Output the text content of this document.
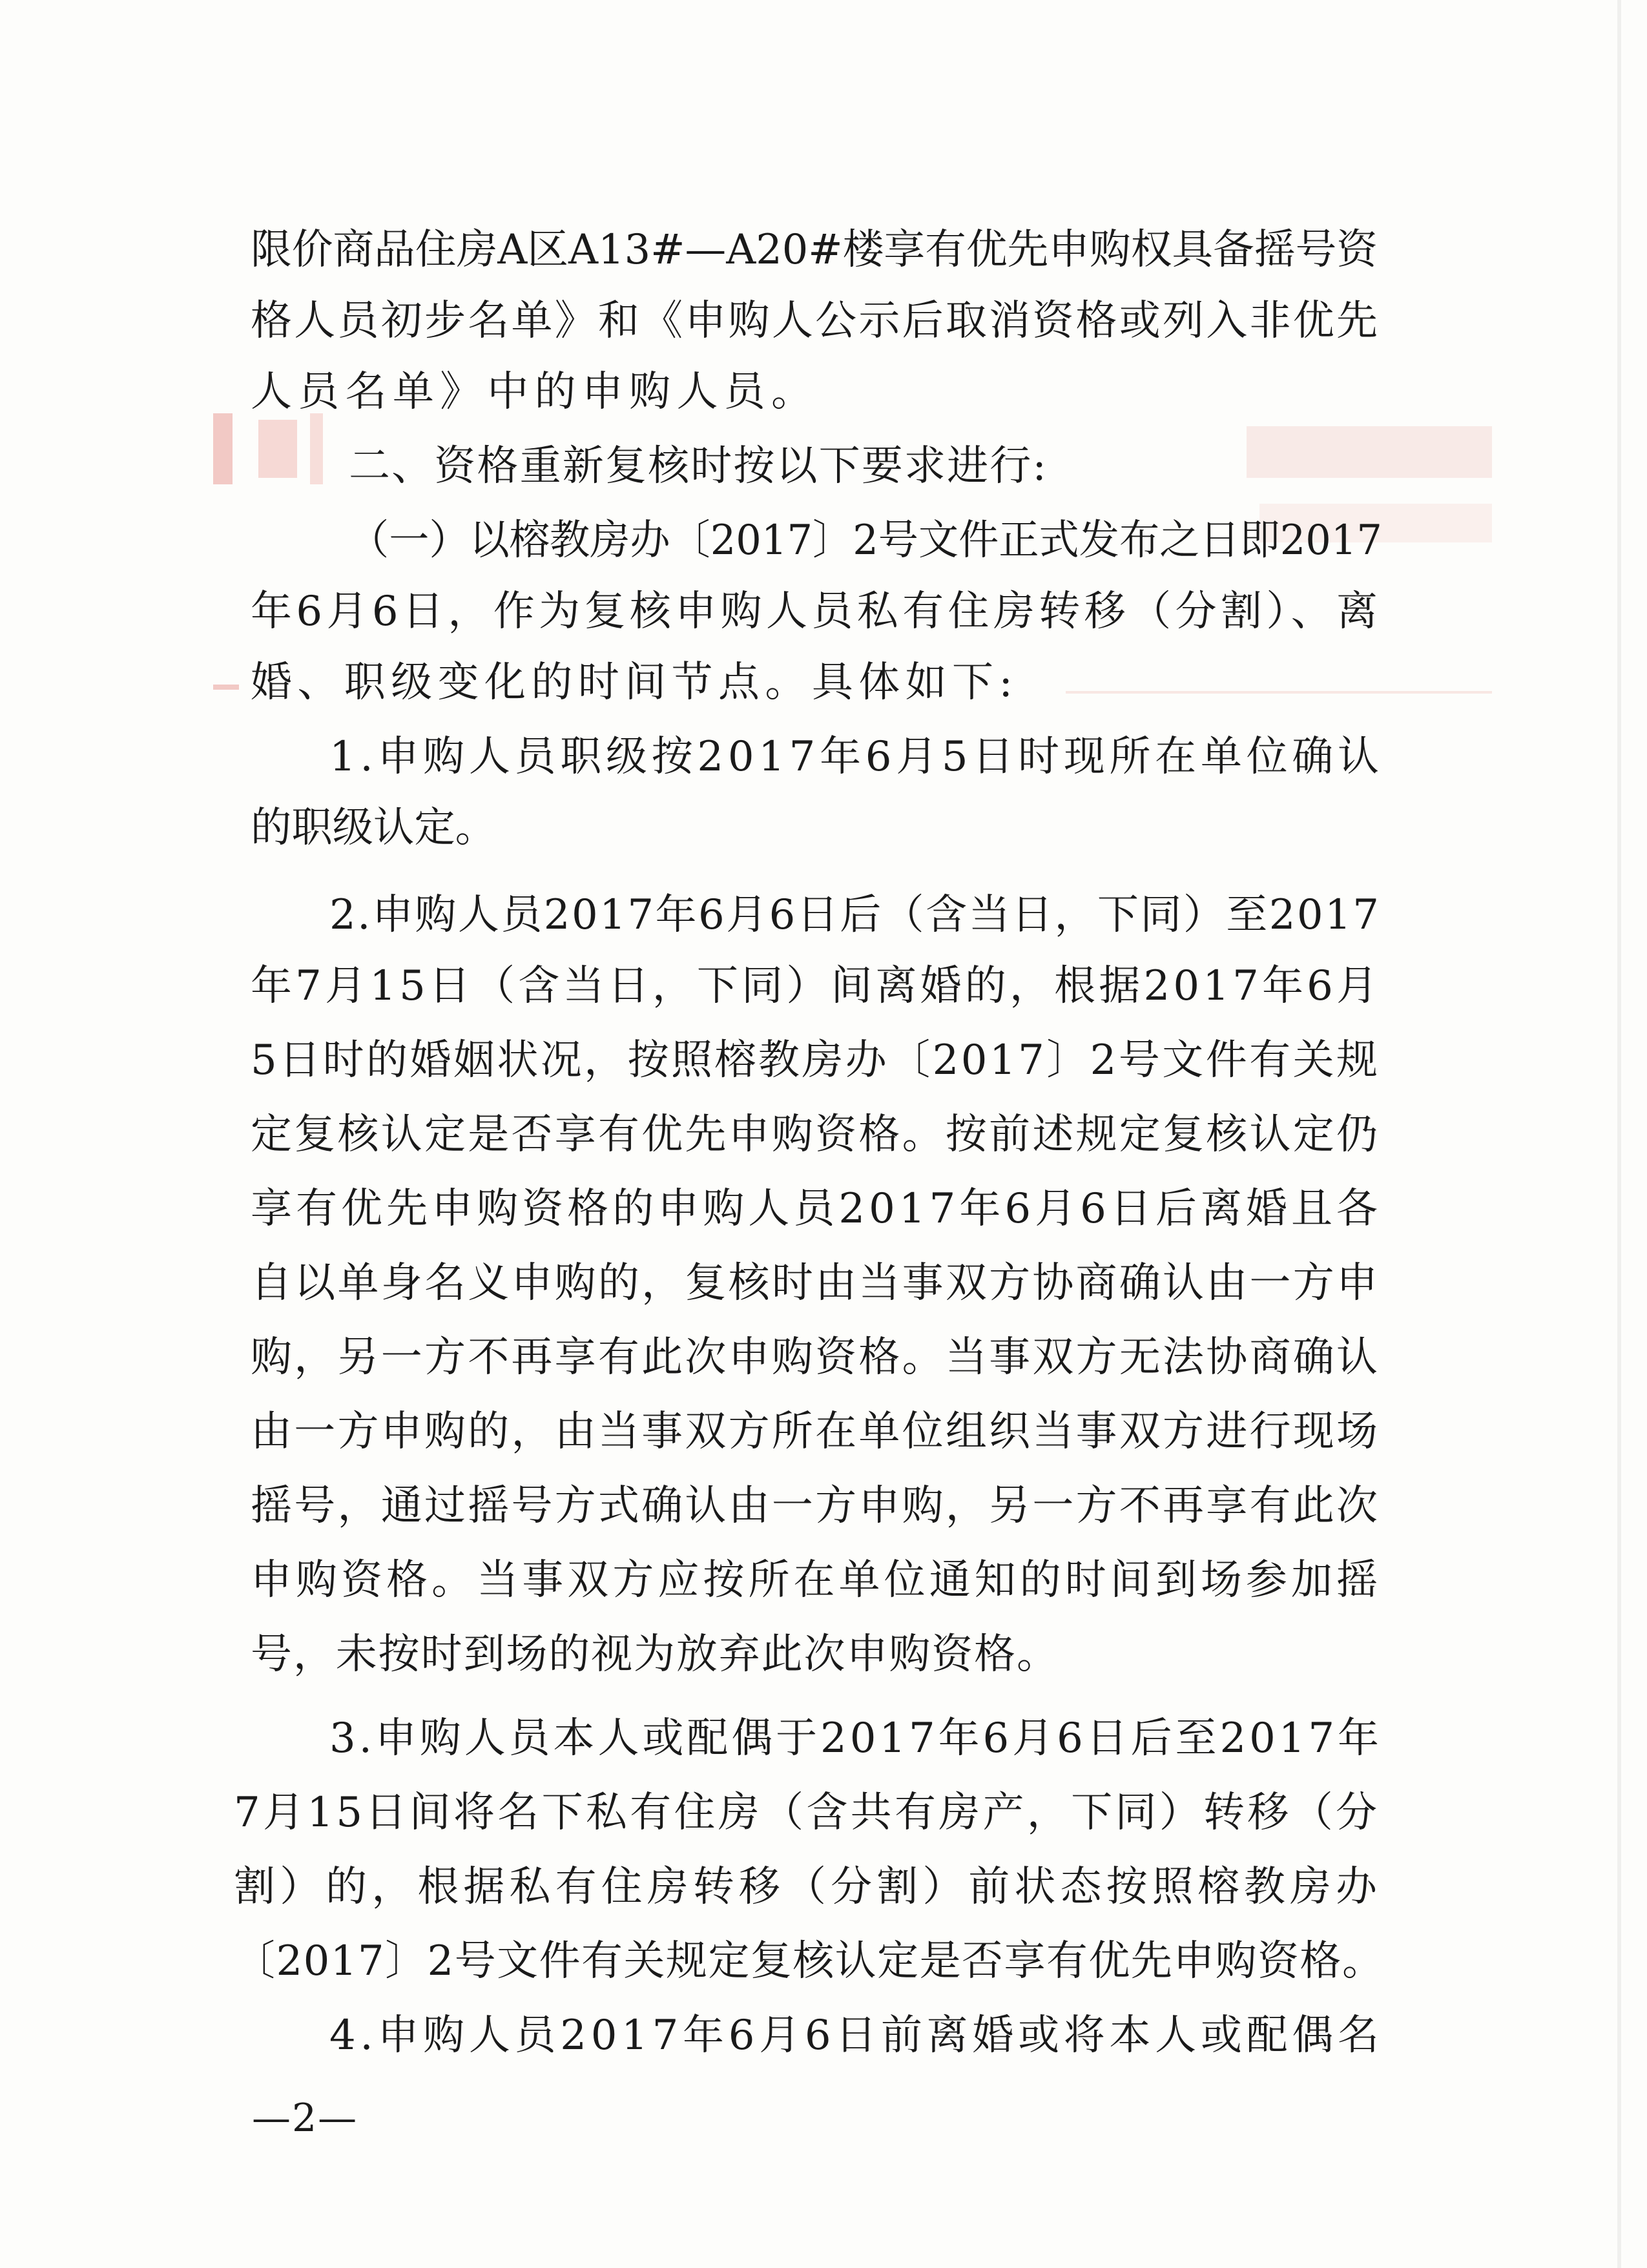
限价商品住房A区A13#—A20#楼享有优先申购权具备摇号资
格人员初步名单》和《申购人公示后取消资格或列入非优先
人员名单》中的申购人员。
二、资格重新复核时按以下要求进行:
（一）以榕教房办〔2017〕2号文件正式发布之日即2017
年6月6日，作为复核申购人员私有住房转移（分割）、离
婚、职级变化的时间节点。具体如下:
1.申购人员职级按2017年6月5日时现所在单位确认
的职级认定。
2.申购人员2017年6月6日后（含当日，下同）至2017
年7月15日（含当日，下同）间离婚的，根据2017年6月
5日时的婚姻状况，按照榕教房办〔2017〕2号文件有关规
定复核认定是否享有优先申购资格。按前述规定复核认定仍
享有优先申购资格的申购人员2017年6月6日后离婚且各
自以单身名义申购的，复核时由当事双方协商确认由一方申
购，另一方不再享有此次申购资格。当事双方无法协商确认
由一方申购的，由当事双方所在单位组织当事双方进行现场
摇号，通过摇号方式确认由一方申购，另一方不再享有此次
申购资格。当事双方应按所在单位通知的时间到场参加摇
号，未按时到场的视为放弃此次申购资格。
3.申购人员本人或配偶于2017年6月6日后至2017年
7月15日间将名下私有住房（含共有房产，下同）转移（分
割）的，根据私有住房转移（分割）前状态按照榕教房办
〔2017〕2号文件有关规定复核认定是否享有优先申购资格。
4.申购人员2017年6月6日前离婚或将本人或配偶名
—2—
